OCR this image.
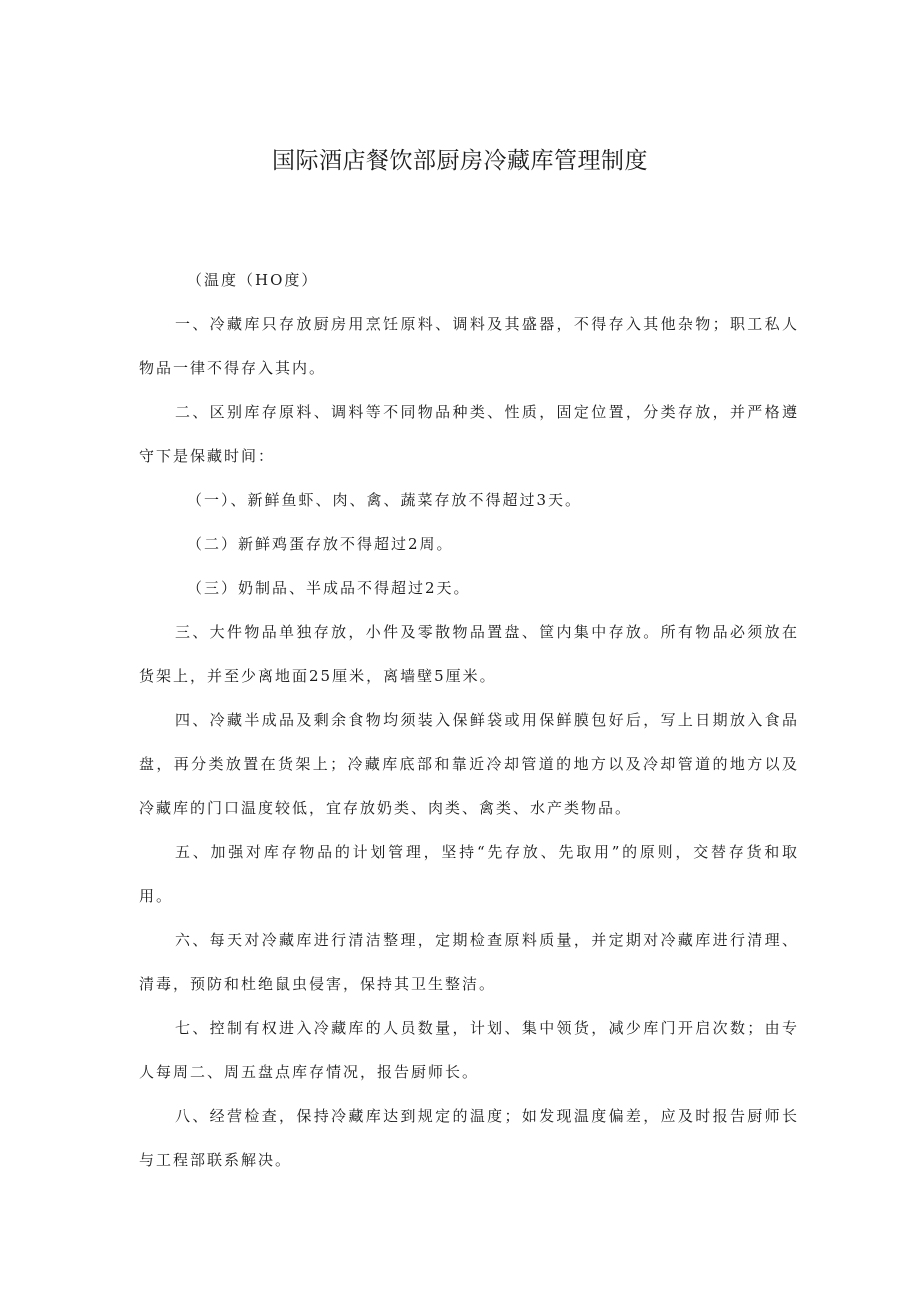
国际酒店餐饮部厨房冷藏库管理制度

（温度（HO度）

一、冷藏库只存放厨房用烹饪原料、调料及其盛器，不得存入其他杂物；职工私人物品一律不得存入其内。

二、区别库存原料、调料等不同物品种类、性质，固定位置，分类存放，并严格遵守下是保藏时间：

（一）、新鲜鱼虾、肉、禽、蔬菜存放不得超过3天。

（二）新鲜鸡蛋存放不得超过2周。

（三）奶制品、半成品不得超过2天。

三、大件物品单独存放，小件及零散物品置盘、筐内集中存放。所有物品必须放在货架上，并至少离地面25厘米，离墙壁5厘米。

四、冷藏半成品及剩余食物均须装入保鲜袋或用保鲜膜包好后，写上日期放入食品盘，再分类放置在货架上；冷藏库底部和靠近冷却管道的地方以及冷却管道的地方以及冷藏库的门口温度较低，宜存放奶类、肉类、禽类、水产类物品。

五、加强对库存物品的计划管理，坚持“先存放、先取用”的原则，交替存货和取用。

六、每天对冷藏库进行清洁整理，定期检查原料质量，并定期对冷藏库进行清理、清毒，预防和杜绝鼠虫侵害，保持其卫生整洁。

七、控制有权进入冷藏库的人员数量，计划、集中领货，减少库门开启次数；由专人每周二、周五盘点库存情况，报告厨师长。

八、经营检查，保持冷藏库达到规定的温度；如发现温度偏差，应及时报告厨师长与工程部联系解决。
